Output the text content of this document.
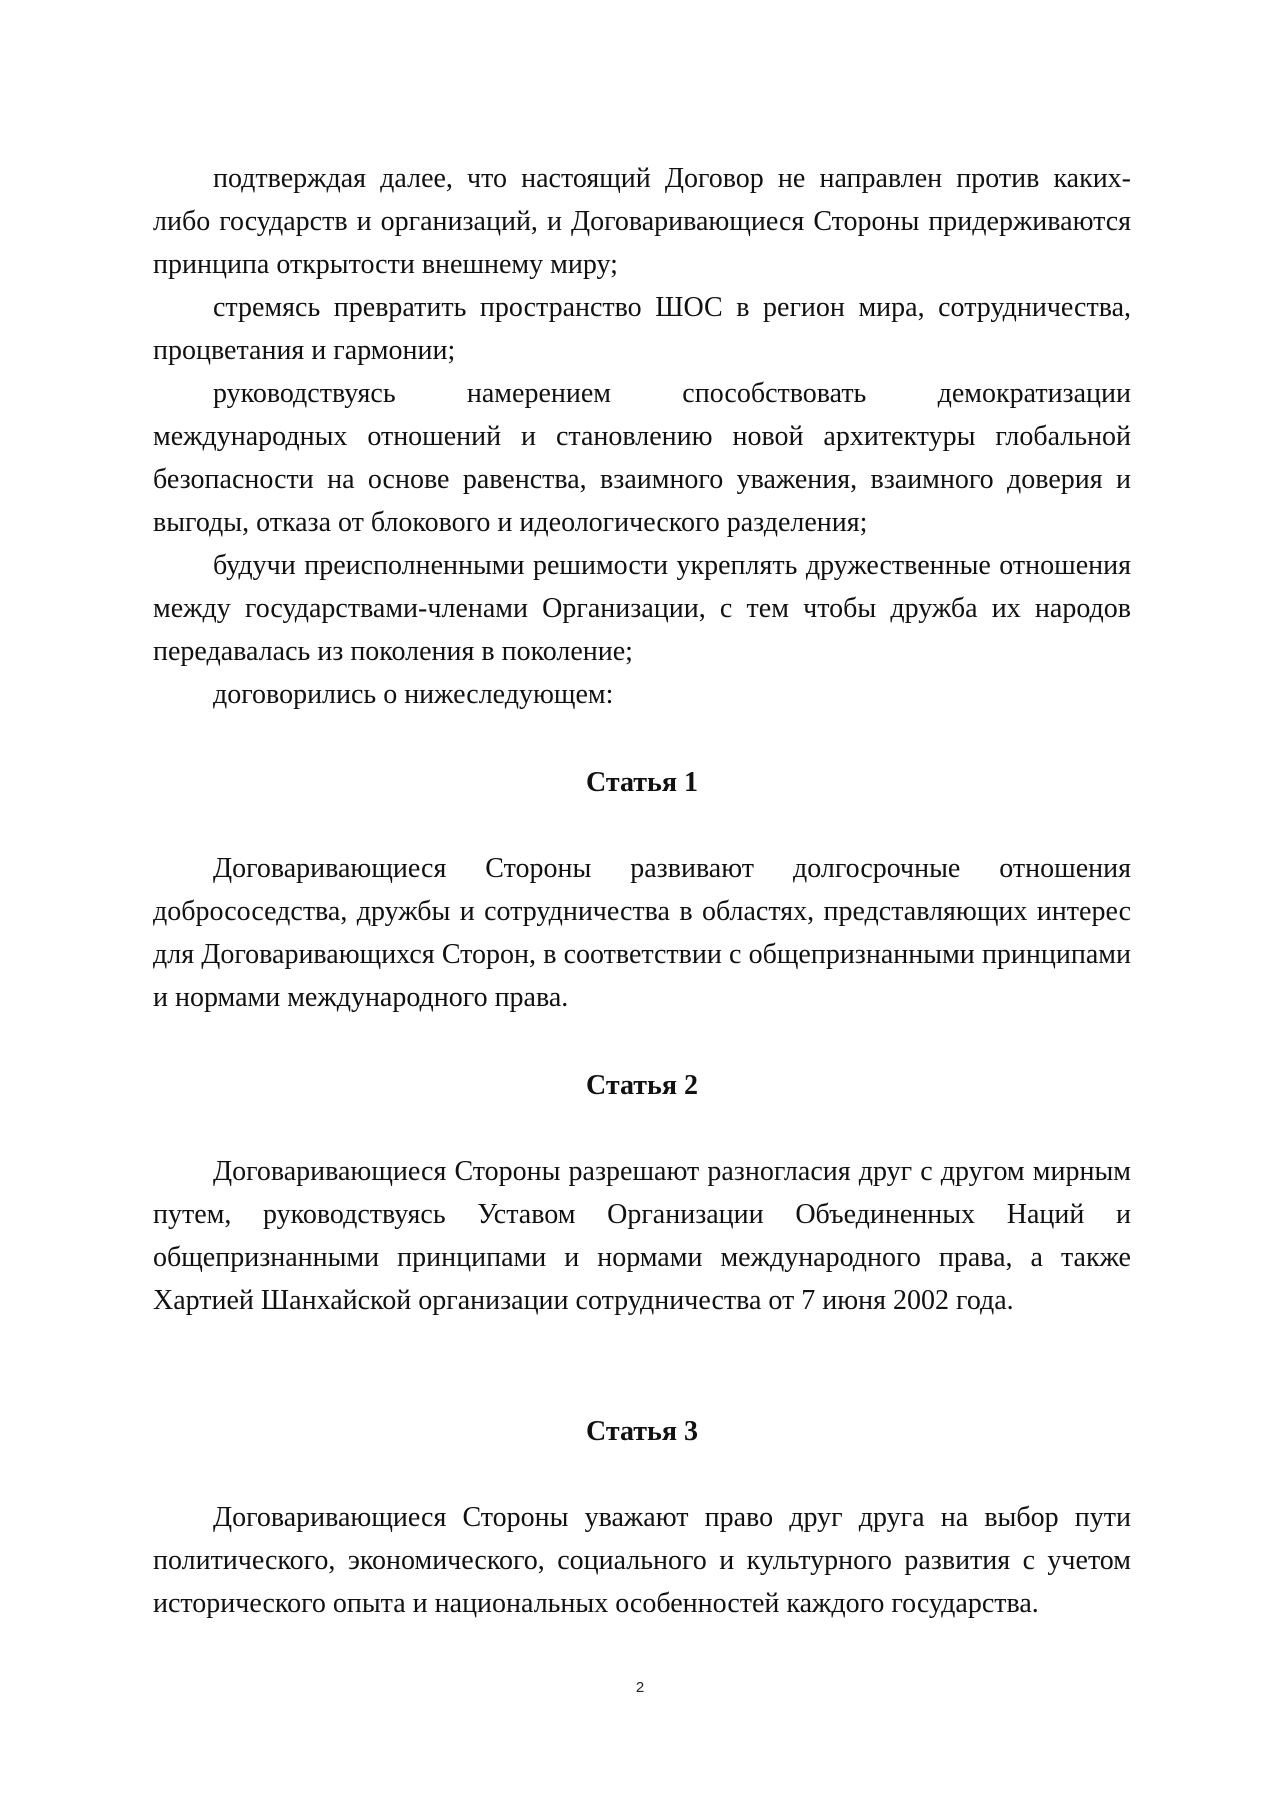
подтверждая далее, что настоящий Договор не направлен против каких-либо государств и организаций, и Договаривающиеся Стороны придерживаются принципа открытости внешнему миру;

стремясь превратить пространство ШОС в регион мира, сотрудничества, процветания и гармонии;

руководствуясь намерением способствовать демократизации международных отношений и становлению новой архитектуры глобальной безопасности на основе равенства, взаимного уважения, взаимного доверия и выгоды, отказа от блокового и идеологического разделения;

будучи преисполненными решимости укреплять дружественные отношения между государствами-членами Организации, с тем чтобы дружба их народов передавалась из поколения в поколение;

договорились о нижеследующем:

Статья 1

Договаривающиеся Стороны развивают долгосрочные отношения добрососедства, дружбы и сотрудничества в областях, представляющих интерес для Договаривающихся Сторон, в соответствии с общепризнанными принципами и нормами международного права.

Статья 2

Договаривающиеся Стороны разрешают разногласия друг с другом мирным путем, руководствуясь Уставом Организации Объединенных Наций и общепризнанными принципами и нормами международного права, а также Хартией Шанхайской организации сотрудничества от 7 июня 2002 года.

Статья 3

Договаривающиеся Стороны уважают право друг друга на выбор пути политического, экономического, социального и культурного развития с учетом исторического опыта и национальных особенностей каждого государства.

2
